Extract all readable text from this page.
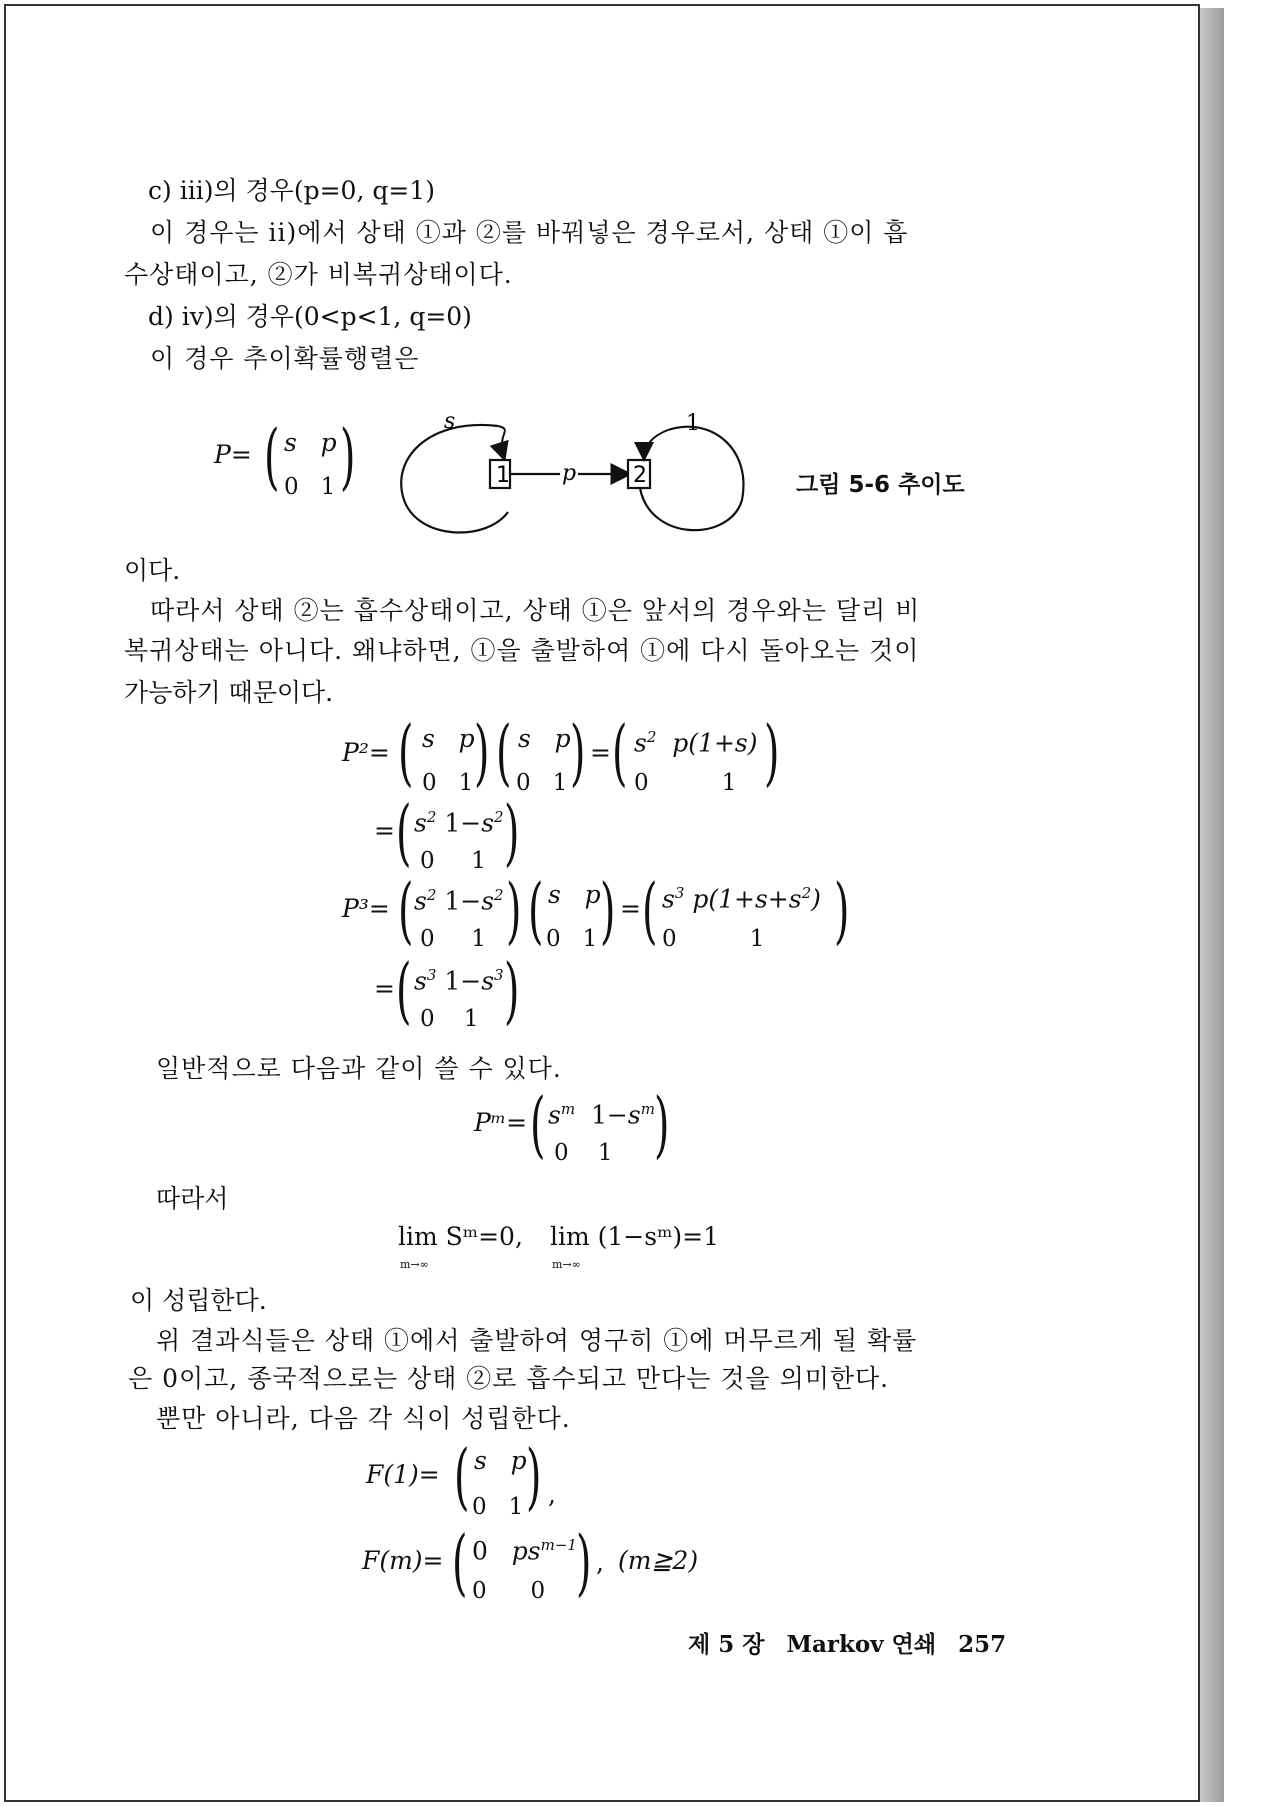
c) iii)의 경우(p=0, q=1)
이 경우는 ii)에서 상태 ①과 ②를 바꿔넣은 경우로서, 상태 ①이 흡
수상태이고, ②가 비복귀상태이다.
d) iv)의 경우(0<p<1, q=0)
이 경우 추이확률행렬은
P= ( s   p
0   1 )	1 p	2
s	1
그림 5-6 추이도
이다.
따라서 상태 ②는 흡수상태이고, 상태 ①은 앞서의 경우와는 달리 비
복귀상태는 아니다. 왜냐하면, ①을 출발하여 ①에 다시 돌아오는 것이
가능하기 때문이다.
P²= ( s   p
0   1 ) ( s   p
0   1 ) = ( $s^2$  p(1+s)
0          1 )
= ( $s^2$ $1-s^2$
0     1 )
P³= ( $s^2$ $1-s^2$
0     1 ) ( s   p
0   1 ) = ( $s^3$ $p(1+s+s^2)$
0          1 )
= ( $s^3$ $1-s^3$
0    1 )
일반적으로 다음과 같이 쓸 수 있다.
Pᵐ= ( $s^m$ $1-s^m$
0    1 )
따라서
lim Sᵐ=0,
m→∞
lim (1−sᵐ)=1
m→∞
이 성립한다.
위 결과식들은 상태 ①에서 출발하여 영구히 ①에 머무르게 될 확률
은 0이고, 종국적으로는 상태 ②로 흡수되고 만다는 것을 의미한다.
뿐만 아니라, 다음 각 식이 성립한다.
F(1)= ( s   p
0   1 ) ,
F(m)= ( 0   $ps^{m-1}$
0      0 ) , (m≧2)
제 5 장 Markov 연쇄 257
